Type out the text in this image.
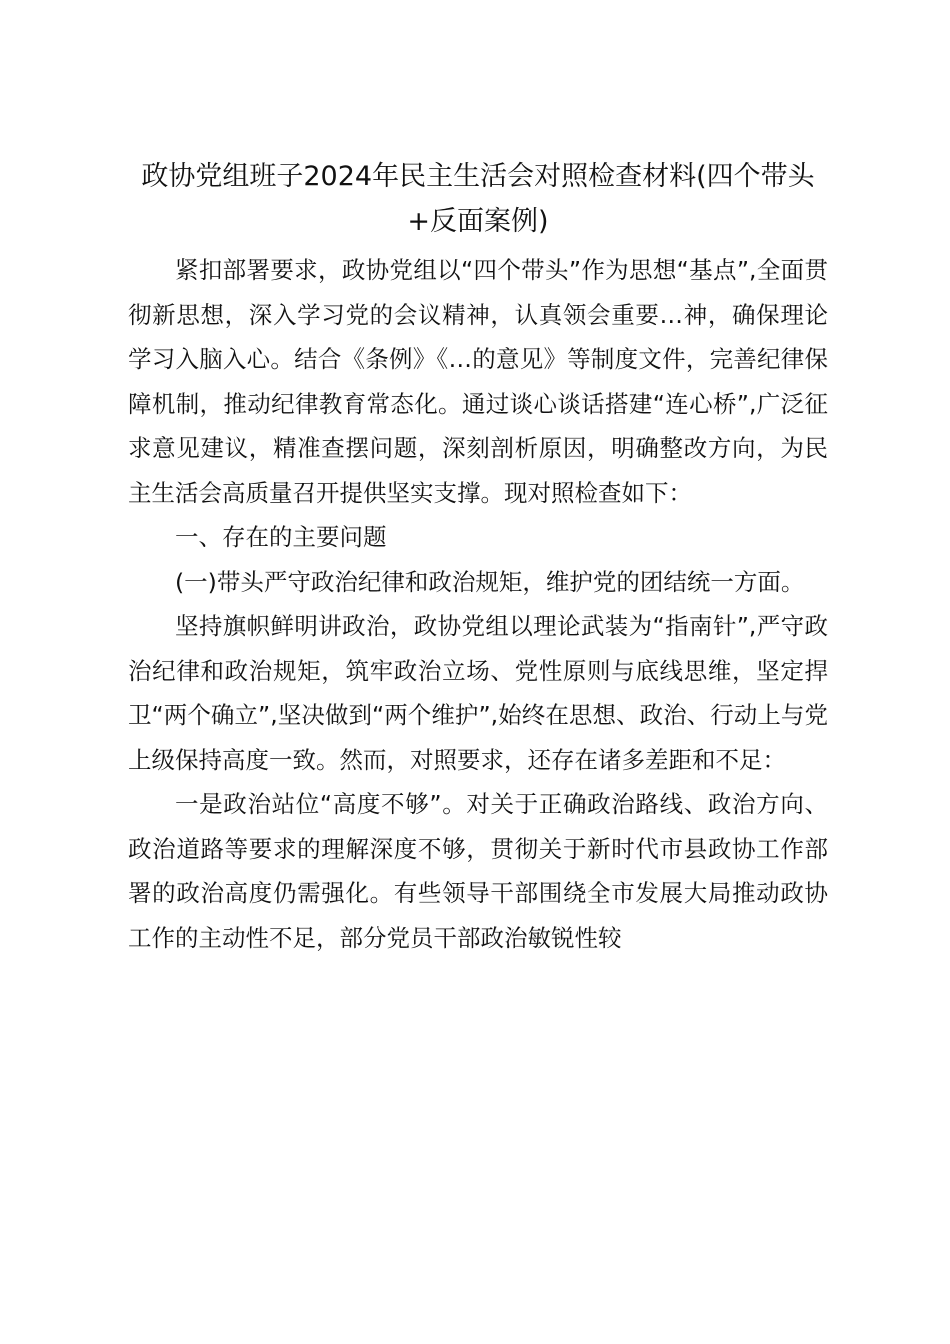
政协党组班子2024年民主生活会对照检查材料(四个带头+反面案例)

紧扣部署要求，政协党组以“四个带头”作为思想“基点”,全面贯彻新思想，深入学习党的会议精神，认真领会重要…神，确保理论学习入脑入心。结合《条例》《…的意见》等制度文件，完善纪律保障机制，推动纪律教育常态化。通过谈心谈话搭建“连心桥”,广泛征求意见建议，精准查摆问题，深刻剖析原因，明确整改方向，为民主生活会高质量召开提供坚实支撑。现对照检查如下：

一、存在的主要问题

(一)带头严守政治纪律和政治规矩，维护党的团结统一方面。

坚持旗帜鲜明讲政治，政协党组以理论武装为“指南针”,严守政治纪律和政治规矩，筑牢政治立场、党性原则与底线思维，坚定捍卫“两个确立”,坚决做到“两个维护”,始终在思想、政治、行动上与党上级保持高度一致。然而，对照要求，还存在诸多差距和不足：

一是政治站位“高度不够”。对关于正确政治路线、政治方向、政治道路等要求的理解深度不够，贯彻关于新时代市县政协工作部署的政治高度仍需强化。有些领导干部围绕全市发展大局推动政协工作的主动性不足，部分党员干部政治敏锐性较
